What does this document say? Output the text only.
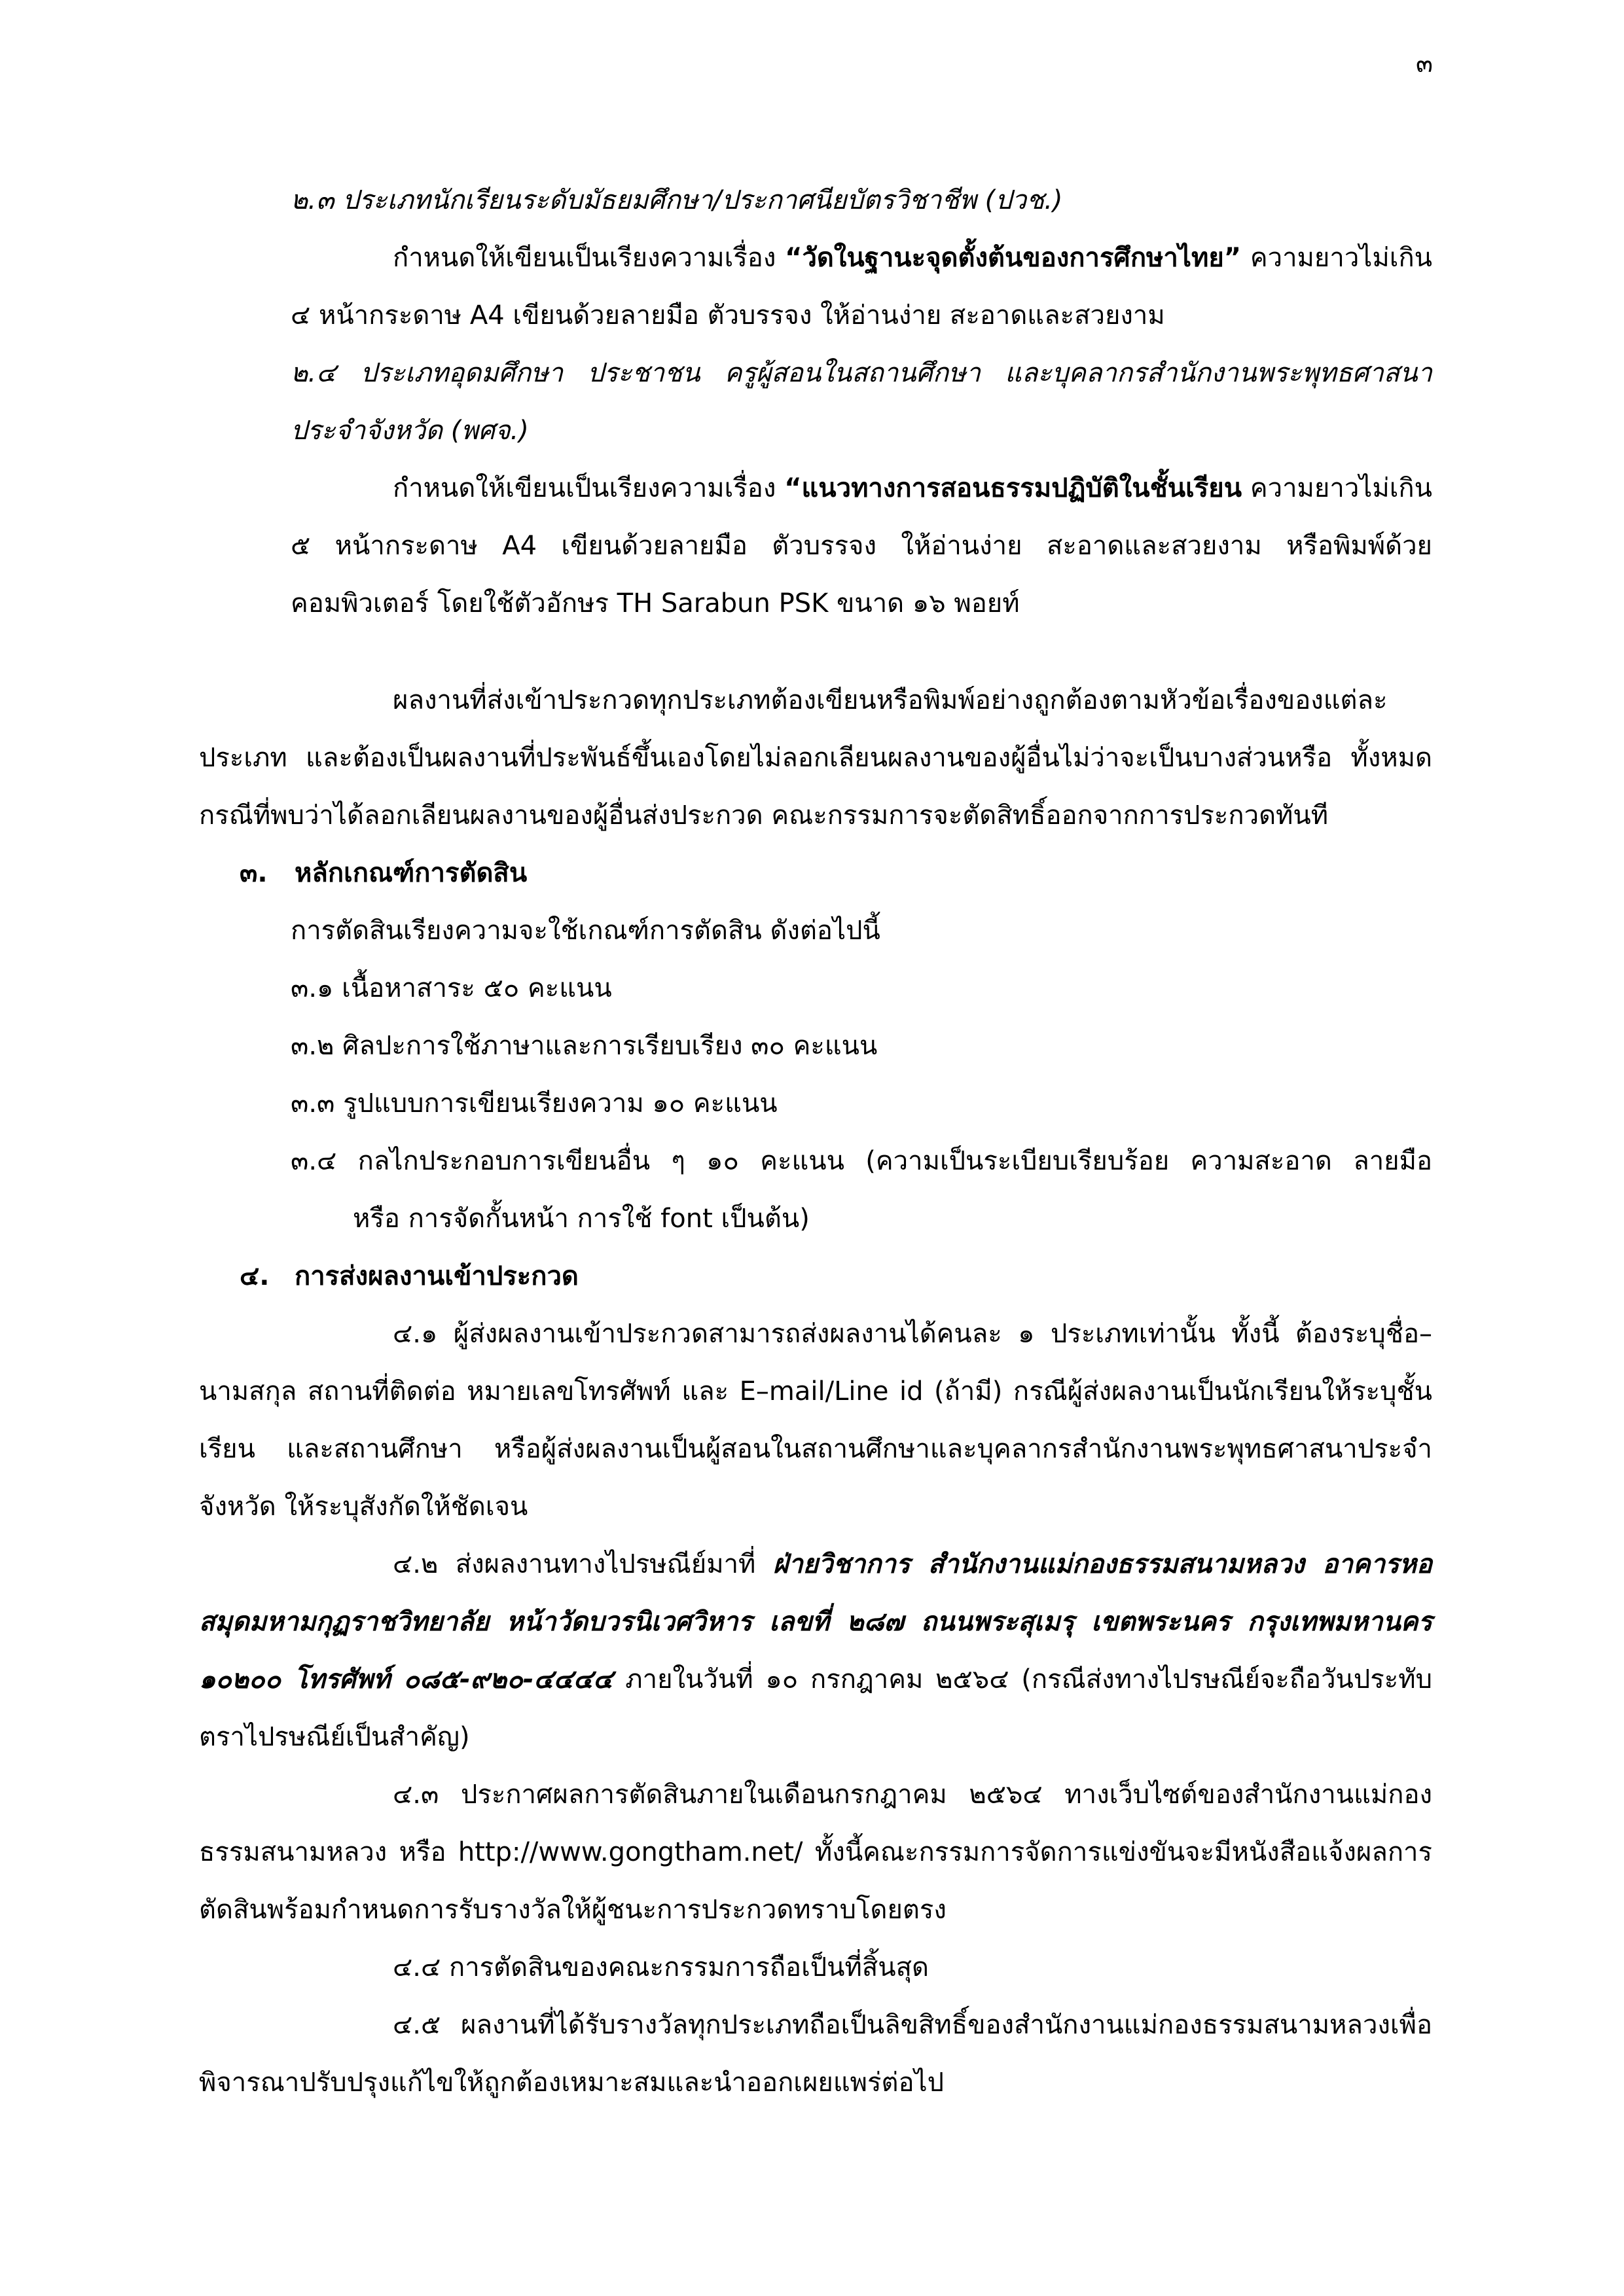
๓

๒.๓ ประเภทนักเรียนระดับมัธยมศึกษา/ประกาศนียบัตรวิชาชีพ (ปวช.)

กำหนดให้เขียนเป็นเรียงความเรื่อง “วัดในฐานะจุดตั้งต้นของการศึกษาไทย” ความยาวไม่เกิน ๔ หน้ากระดาษ A4 เขียนด้วยลายมือ ตัวบรรจง ให้อ่านง่าย สะอาดและสวยงาม

๒.๔ ประเภทอุดมศึกษา ประชาชน ครูผู้สอนในสถานศึกษา และบุคลากรสำนักงานพระพุทธศาสนาประจำจังหวัด (พศจ.)

กำหนดให้เขียนเป็นเรียงความเรื่อง “แนวทางการสอนธรรมปฏิบัติในชั้นเรียน ความยาวไม่เกิน ๕ หน้ากระดาษ A4 เขียนด้วยลายมือ ตัวบรรจง ให้อ่านง่าย สะอาดและสวยงาม หรือพิมพ์ด้วยคอมพิวเตอร์ โดยใช้ตัวอักษร TH Sarabun PSK ขนาด ๑๖ พอยท์

ผลงานที่ส่งเข้าประกวดทุกประเภทต้องเขียนหรือพิมพ์อย่างถูกต้องตามหัวข้อเรื่องของแต่ละประเภท และต้องเป็นผลงานที่ประพันธ์ขึ้นเองโดยไม่ลอกเลียนผลงานของผู้อื่นไม่ว่าจะเป็นบางส่วนหรือ ทั้งหมด กรณีที่พบว่าได้ลอกเลียนผลงานของผู้อื่นส่งประกวด คณะกรรมการจะตัดสิทธิ์ออกจากการประกวดทันที

๓. หลักเกณฑ์การตัดสิน

การตัดสินเรียงความจะใช้เกณฑ์การตัดสิน ดังต่อไปนี้

๓.๑ เนื้อหาสาระ ๕๐ คะแนน

๓.๒ ศิลปะการใช้ภาษาและการเรียบเรียง ๓๐ คะแนน

๓.๓ รูปแบบการเขียนเรียงความ ๑๐ คะแนน

๓.๔ กลไกประกอบการเขียนอื่น ๆ ๑๐ คะแนน (ความเป็นระเบียบเรียบร้อย ความสะอาด ลายมือ

หรือ การจัดกั้นหน้า การใช้ font เป็นต้น)

๔. การส่งผลงานเข้าประกวด

๔.๑ ผู้ส่งผลงานเข้าประกวดสามารถส่งผลงานได้คนละ ๑ ประเภทเท่านั้น ทั้งนี้ ต้องระบุชื่อ–นามสกุล สถานที่ติดต่อ หมายเลขโทรศัพท์ และ E–mail/Line id (ถ้ามี) กรณีผู้ส่งผลงานเป็นนักเรียนให้ระบุชั้นเรียน และสถานศึกษา หรือผู้ส่งผลงานเป็นผู้สอนในสถานศึกษาและบุคลากรสำนักงานพระพุทธศาสนาประจำจังหวัด ให้ระบุสังกัดให้ชัดเจน

๔.๒ ส่งผลงานทางไปรษณีย์มาที่ ฝ่ายวิชาการ สำนักงานแม่กองธรรมสนามหลวง อาคารหอสมุดมหามกุฏราชวิทยาลัย หน้าวัดบวรนิเวศวิหาร เลขที่ ๒๘๗ ถนนพระสุเมรุ เขตพระนคร กรุงเทพมหานคร ๑๐๒๐๐ โทรศัพท์ ๐๘๕-๙๒๐-๔๔๔๔ ภายในวันที่ ๑๐ กรกฎาคม ๒๕๖๔ (กรณีส่งทางไปรษณีย์จะถือวันประทับตราไปรษณีย์เป็นสำคัญ)

๔.๓ ประกาศผลการตัดสินภายในเดือนกรกฎาคม ๒๕๖๔ ทางเว็บไซต์ของสำนักงานแม่กองธรรมสนามหลวง หรือ http://www.gongtham.net/ ทั้งนี้คณะกรรมการจัดการแข่งขันจะมีหนังสือแจ้งผลการตัดสินพร้อมกำหนดการรับรางวัลให้ผู้ชนะการประกวดทราบโดยตรง

๔.๔ การตัดสินของคณะกรรมการถือเป็นที่สิ้นสุด

๔.๕ ผลงานที่ได้รับรางวัลทุกประเภทถือเป็นลิขสิทธิ์ของสำนักงานแม่กองธรรมสนามหลวงเพื่อพิจารณาปรับปรุงแก้ไขให้ถูกต้องเหมาะสมและนำออกเผยแพร่ต่อไป
